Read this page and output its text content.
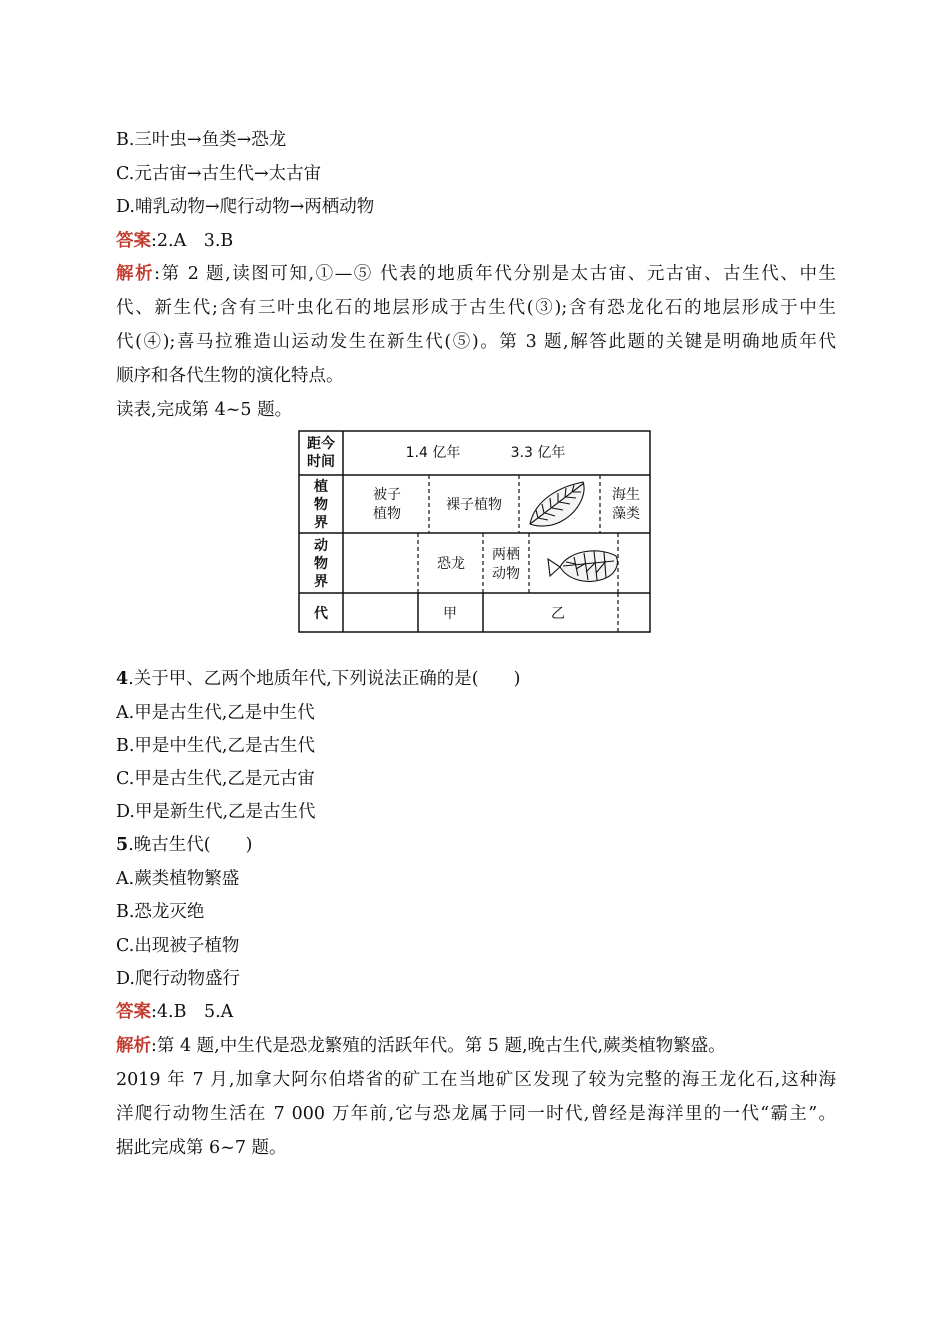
B.三叶虫→鱼类→恐龙
C.元古宙→古生代→太古宙
D.哺乳动物→爬行动物→两栖动物
答案:2.A　3.B
解析:第 2 题,读图可知,①—⑤ 代表的地质年代分别是太古宙、元古宙、古生代、中生
代、新生代;含有三叶虫化石的地层形成于古生代(③);含有恐龙化石的地层形成于中生
代(④);喜马拉雅造山运动发生在新生代(⑤)。第 3 题,解答此题的关键是明确地质年代
顺序和各代生物的演化特点。
读表,完成第 4~5 题。
距今
时间
植
物
界
动
物
界
代
1.4 亿年	3.3 亿年
被子
植物
裸子植物
海生
藻类
恐龙
两栖
动物
甲	乙
4.关于甲、乙两个地质年代,下列说法正确的是(　　)
A.甲是古生代,乙是中生代
B.甲是中生代,乙是古生代
C.甲是古生代,乙是元古宙
D.甲是新生代,乙是古生代
5.晚古生代(　　)
A.蕨类植物繁盛
B.恐龙灭绝
C.出现被子植物
D.爬行动物盛行
答案:4.B　5.A
解析:第 4 题,中生代是恐龙繁殖的活跃年代。第 5 题,晚古生代,蕨类植物繁盛。
2019 年 7 月,加拿大阿尔伯塔省的矿工在当地矿区发现了较为完整的海王龙化石,这种海
洋爬行动物生活在 7 000 万年前,它与恐龙属于同一时代,曾经是海洋里的一代“霸主”。
据此完成第 6~7 题。
